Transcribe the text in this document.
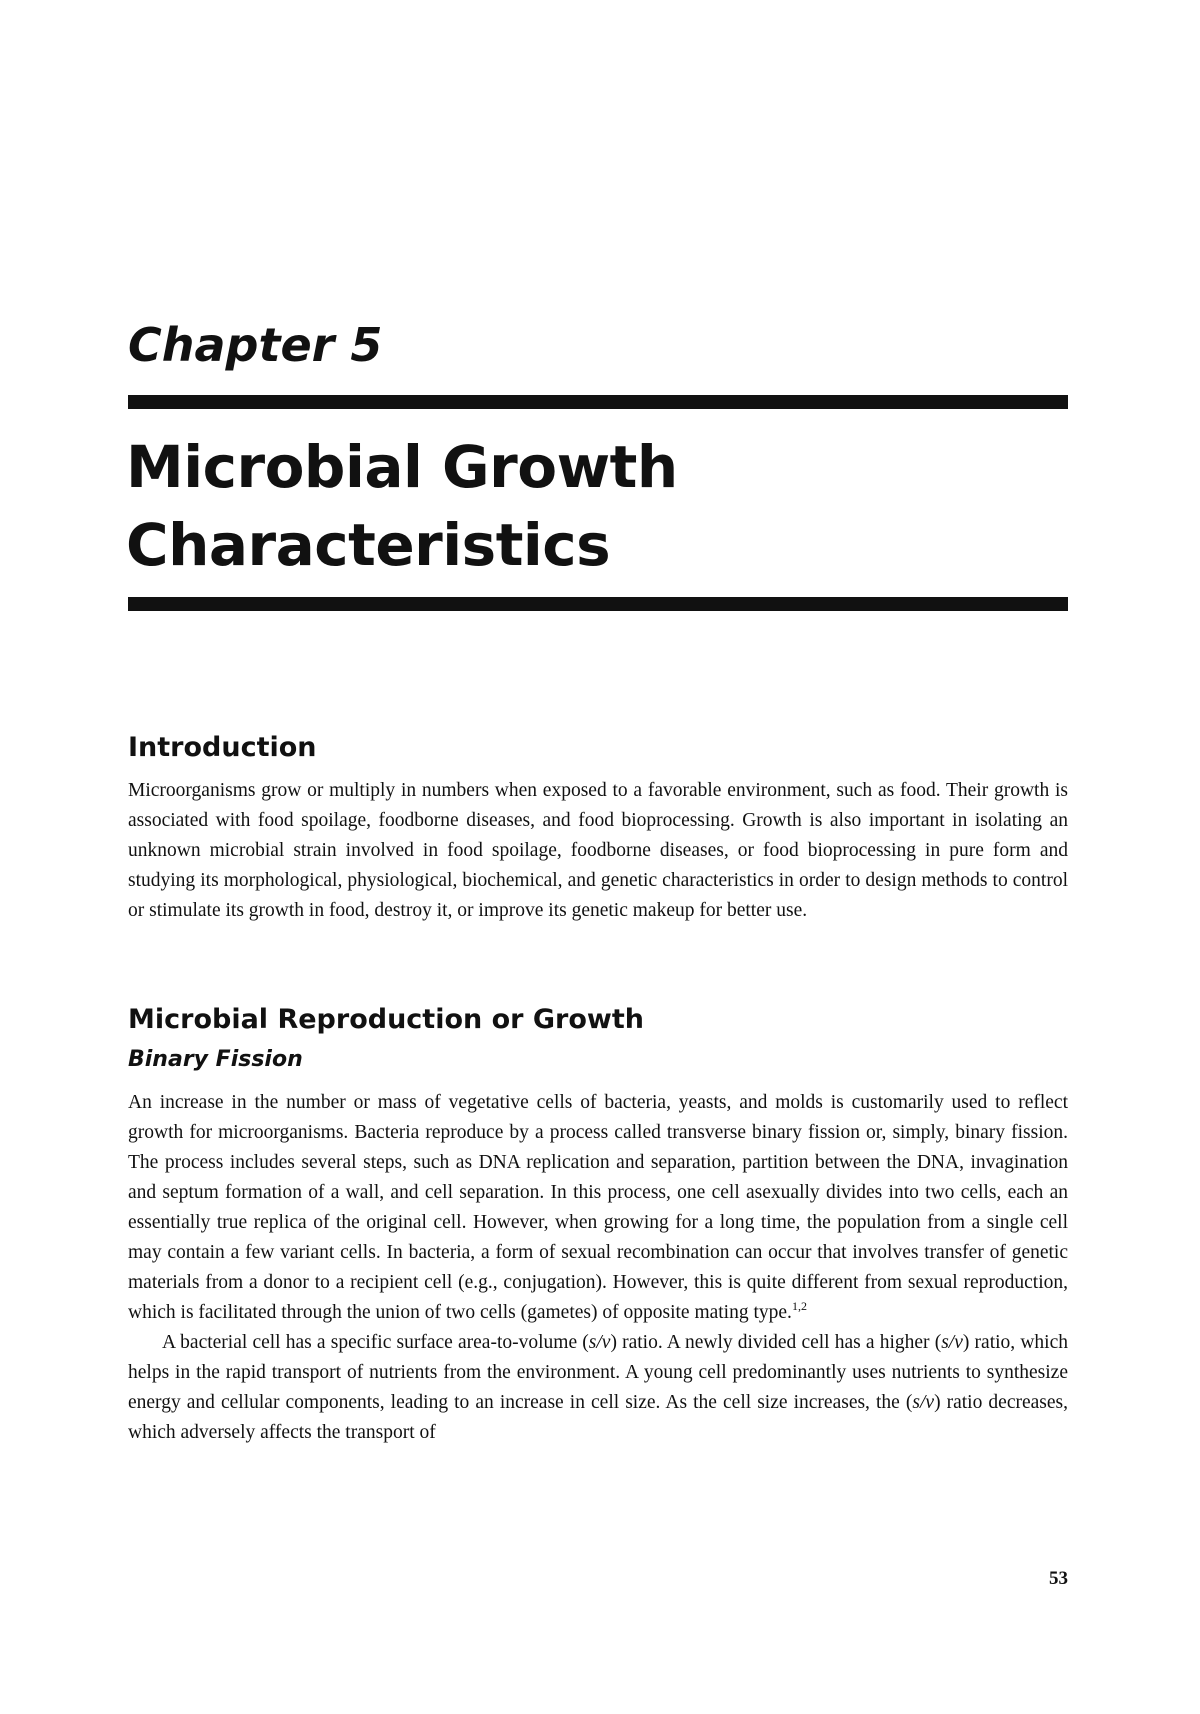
Chapter 5
Microbial Growth
Characteristics
Introduction

Microorganisms grow or multiply in numbers when exposed to a favorable environment, such as food. Their growth is associated with food spoilage, foodborne diseases, and food bioprocessing. Growth is also important in isolating an unknown microbial strain involved in food spoilage, foodborne diseases, or food bioprocessing in pure form and studying its morphological, physiological, biochemical, and genetic characteristics in order to design methods to control or stimulate its growth in food, destroy it, or improve its genetic makeup for better use.

Microbial Reproduction or Growth
Binary Fission

An increase in the number or mass of vegetative cells of bacteria, yeasts, and molds is customarily used to reflect growth for microorganisms. Bacteria reproduce by a process called transverse binary fission or, simply, binary fission. The process includes several steps, such as DNA replication and separation, partition between the DNA, invagination and septum formation of a wall, and cell separation. In this process, one cell asexually divides into two cells, each an essentially true replica of the original cell. However, when growing for a long time, the population from a single cell may contain a few variant cells. In bacteria, a form of sexual recombination can occur that involves transfer of genetic materials from a donor to a recipient cell (e.g., conjugation). However, this is quite different from sexual reproduction, which is facilitated through the union of two cells (gametes) of opposite mating type.$^{1,2}$

A bacterial cell has a specific surface area-to-volume (s/v) ratio. A newly divided cell has a higher (s/v) ratio, which helps in the rapid transport of nutrients from the environment. A young cell predominantly uses nutrients to synthesize energy and cellular components, leading to an increase in cell size. As the cell size increases, the (s/v) ratio decreases, which adversely affects the transport of

53
